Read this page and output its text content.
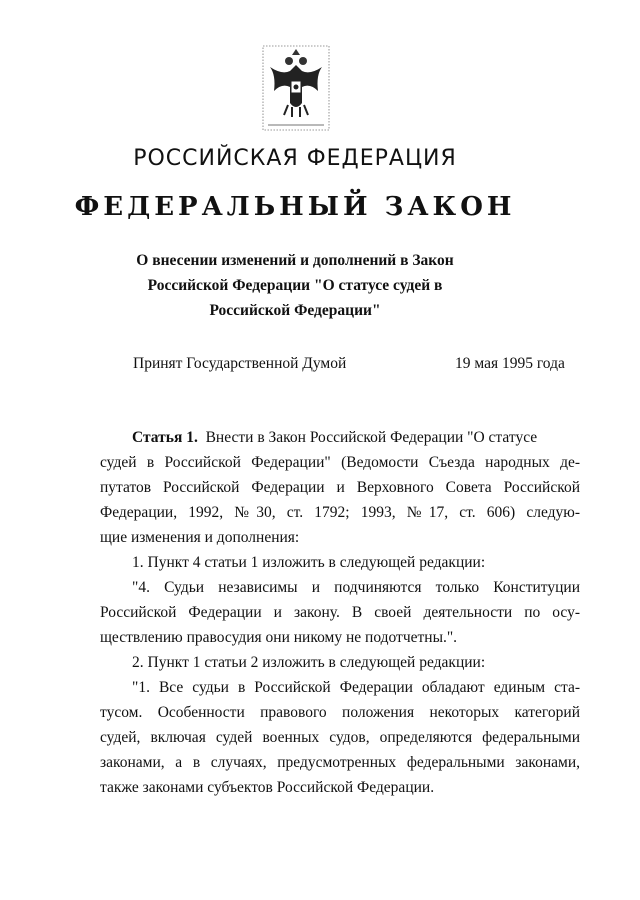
РОССИЙСКАЯ ФЕДЕРАЦИЯ
ФЕДЕРАЛЬНЫЙ ЗАКОН
О внесении изменений и дополнений в Закон
Российской Федерации "О статусе судей в
Российской Федерации"
Принят Государственной Думой	19 мая 1995 года
Статья 1. Внести в Закон Российской Федерации "О статусе
судей в Российской Федерации" (Ведомости Съезда народных де-
путатов Российской Федерации и Верховного Совета Российской
Федерации, 1992, №30, ст. 1792; 1993, №17, ст. 606) следую-
щие изменения и дополнения:
1. Пункт 4 статьи 1 изложить в следующей редакции:
"4. Судьи независимы и подчиняются только Конституции
Российской Федерации и закону. В своей деятельности по осу-
ществлению правосудия они никому не подотчетны.".
2. Пункт 1 статьи 2 изложить в следующей редакции:
"1. Все судьи в Российской Федерации обладают единым ста-
тусом. Особенности правового положения некоторых категорий
судей, включая судей военных судов, определяются федеральными
законами, а в случаях, предусмотренных федеральными законами,
также законами субъектов Российской Федерации.
